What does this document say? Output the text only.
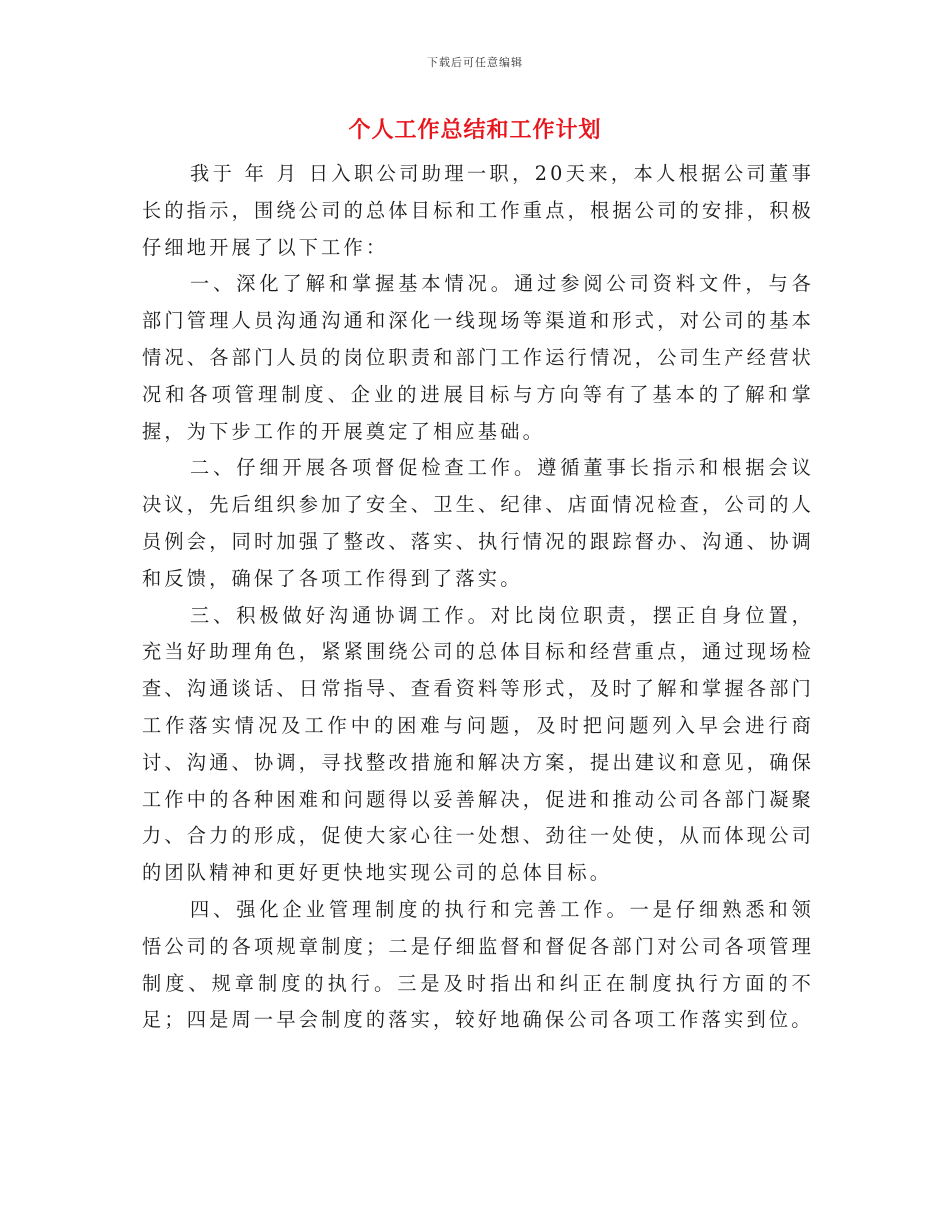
下载后可任意编辑
个人工作总结和工作计划

我于 年 月 日入职公司助理一职，20天来，本人根据公司董事长的指示，围绕公司的总体目标和工作重点，根据公司的安排，积极仔细地开展了以下工作：

一、深化了解和掌握基本情况。通过参阅公司资料文件，与各部门管理人员沟通沟通和深化一线现场等渠道和形式，对公司的基本情况、各部门人员的岗位职责和部门工作运行情况，公司生产经营状况和各项管理制度、企业的进展目标与方向等有了基本的了解和掌握，为下步工作的开展奠定了相应基础。

二、仔细开展各项督促检查工作。遵循董事长指示和根据会议决议，先后组织参加了安全、卫生、纪律、店面情况检查，公司的人员例会，同时加强了整改、落实、执行情况的跟踪督办、沟通、协调和反馈，确保了各项工作得到了落实。

三、积极做好沟通协调工作。对比岗位职责，摆正自身位置，充当好助理角色，紧紧围绕公司的总体目标和经营重点，通过现场检查、沟通谈话、日常指导、查看资料等形式，及时了解和掌握各部门工作落实情况及工作中的困难与问题，及时把问题列入早会进行商讨、沟通、协调，寻找整改措施和解决方案，提出建议和意见，确保工作中的各种困难和问题得以妥善解决，促进和推动公司各部门凝聚力、合力的形成，促使大家心往一处想、劲往一处使，从而体现公司的团队精神和更好更快地实现公司的总体目标。

四、强化企业管理制度的执行和完善工作。一是仔细熟悉和领悟公司的各项规章制度；二是仔细监督和督促各部门对公司各项管理制度、规章制度的执行。三是及时指出和纠正在制度执行方面的不足；四是周一早会制度的落实，较好地确保公司各项工作落实到位。
